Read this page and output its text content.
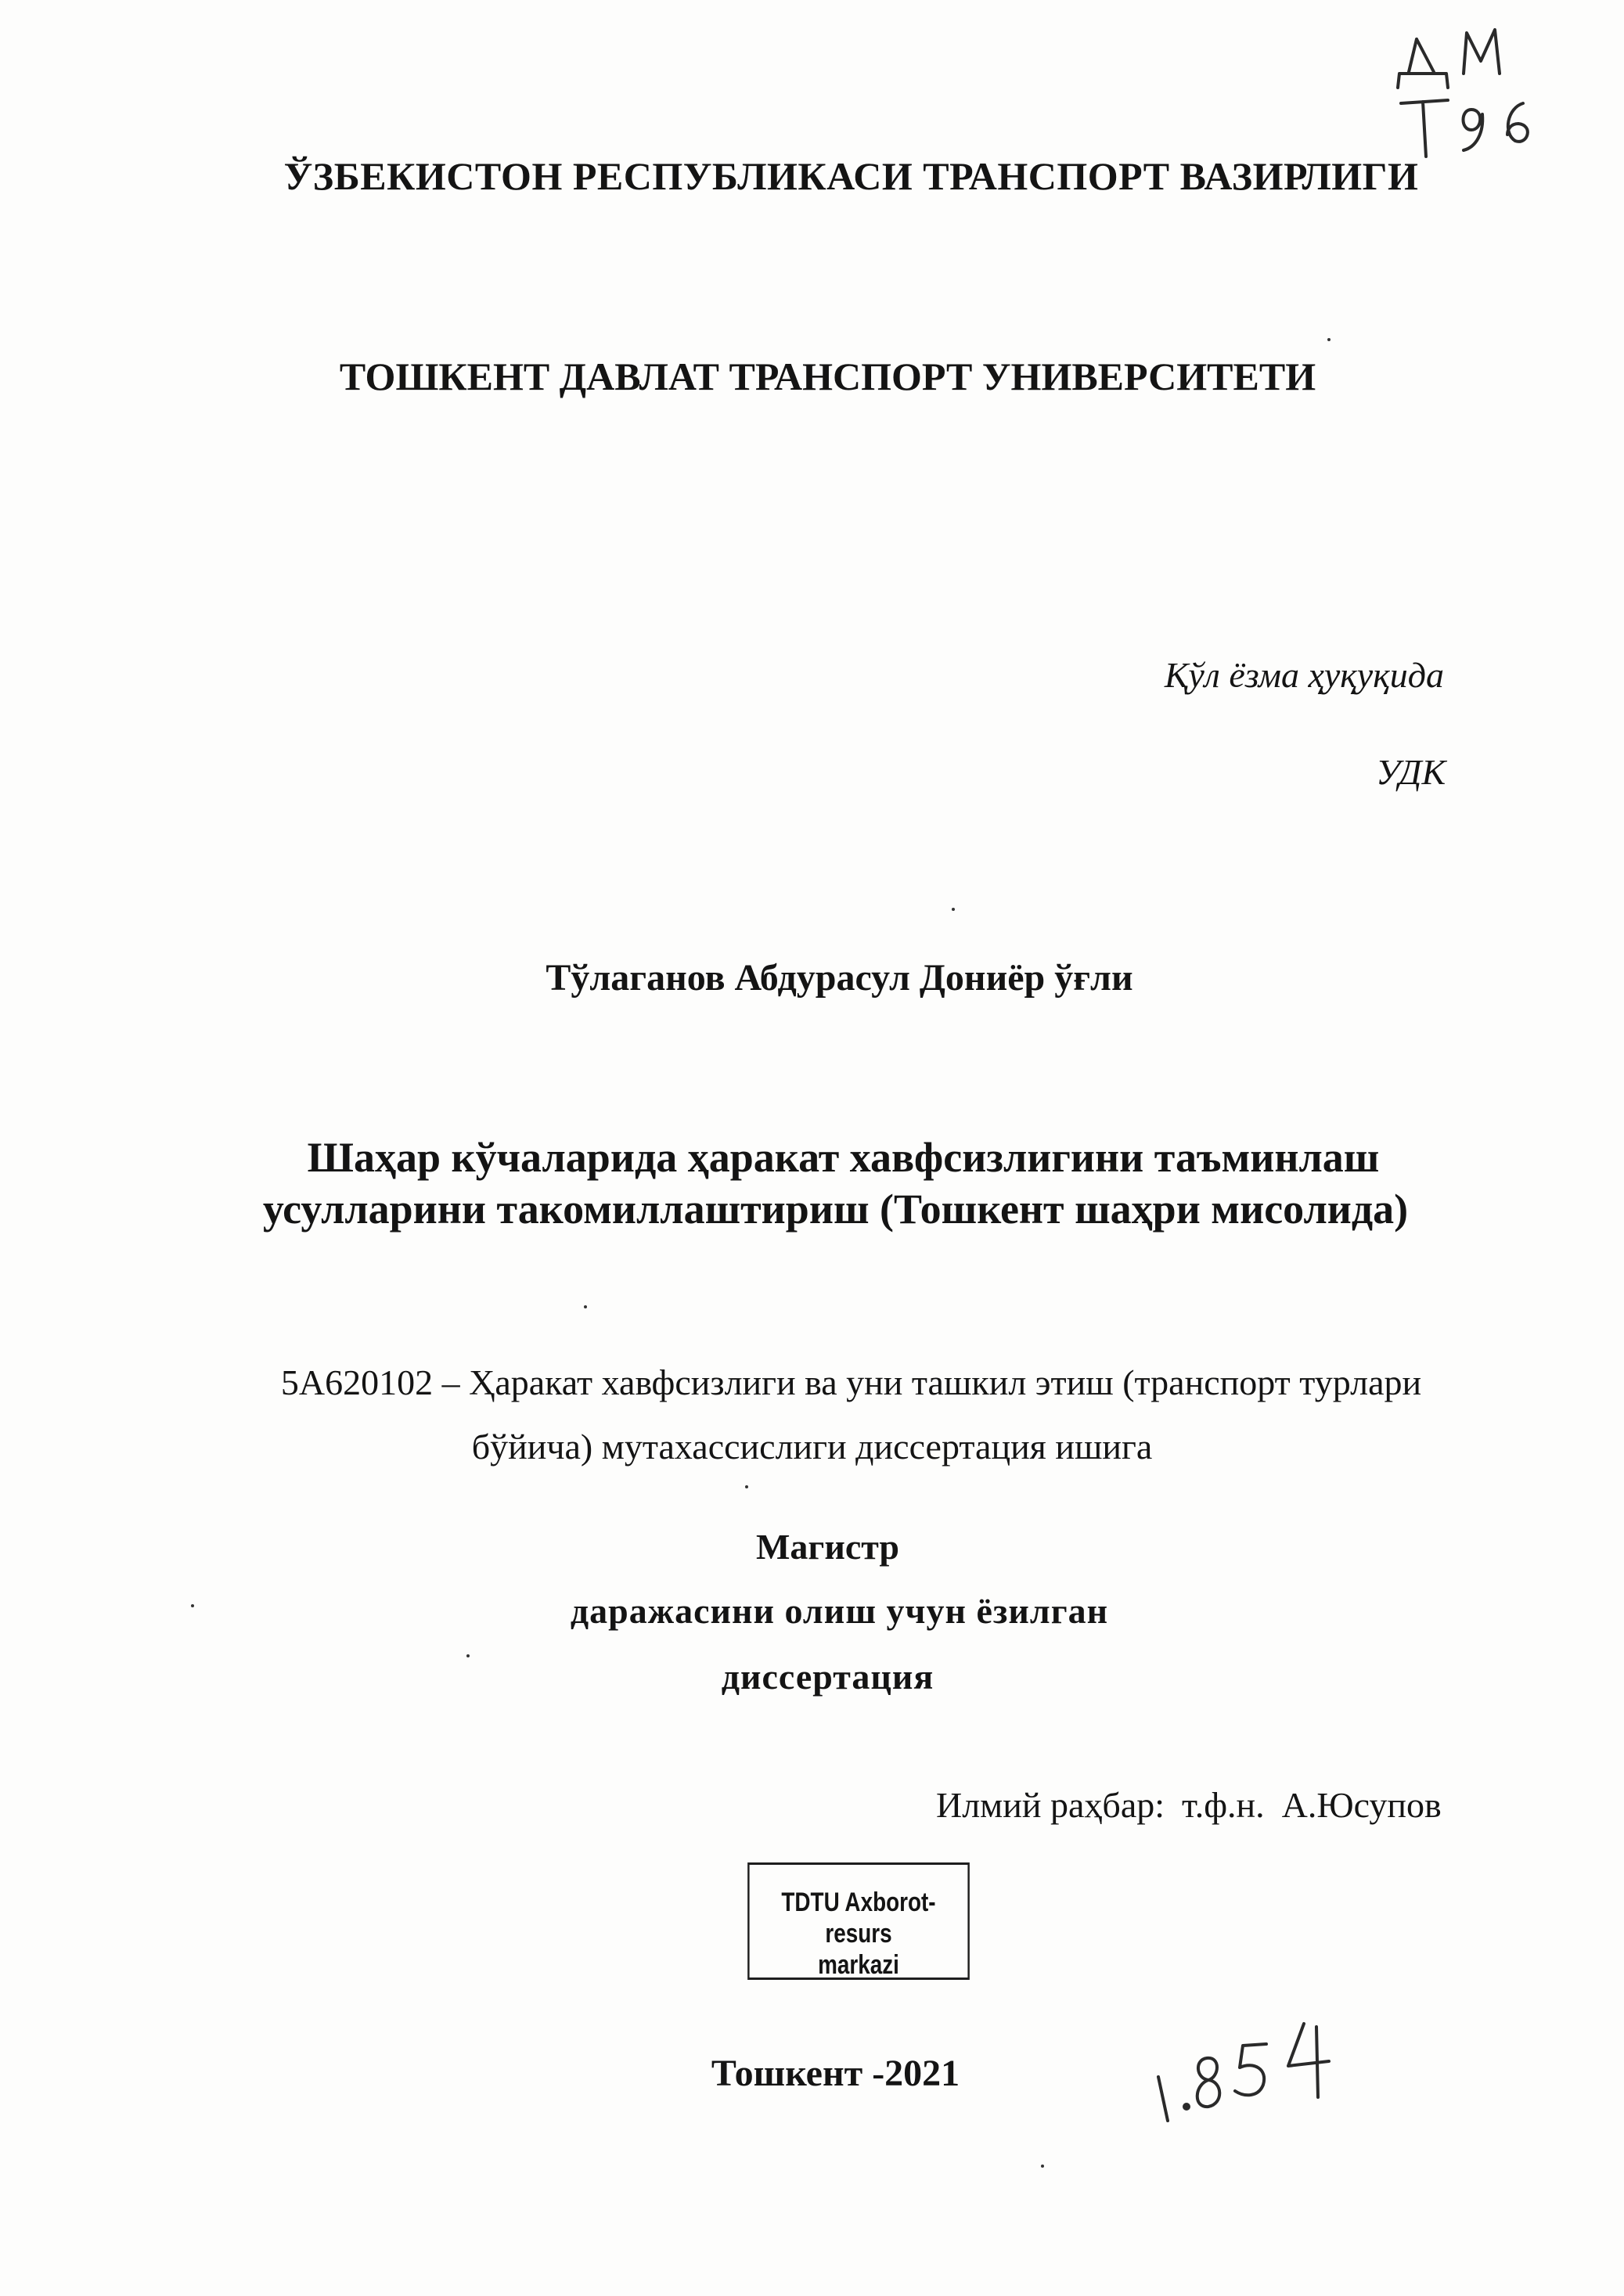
ЎЗБЕКИСТОН РЕСПУБЛИКАСИ ТРАНСПОРТ ВАЗИРЛИГИ
ТОШКЕНТ ДАВЛАТ ТРАНСПОРТ УНИВЕРСИТЕТИ
Қўл ёзма ҳуқуқида
УДК
Тўлаганов Абдурасул Дониёр ўғли
Шаҳар кўчаларида ҳаракат хавфсизлигини таъминлаш
усулларини такомиллаштириш (Тошкент шаҳри мисолида)
5А620102 – Ҳаракат хавфсизлиги ва уни ташкил этиш (транспорт турлари
бўйича) мутахассислиги диссертация ишига
Магистр
даражасини олиш учун ёзилган
диссертация
Илмий раҳбар: т.ф.н. А.Юсупов
TDTU Axborot-resurs
markazi
Тошкент -2021
